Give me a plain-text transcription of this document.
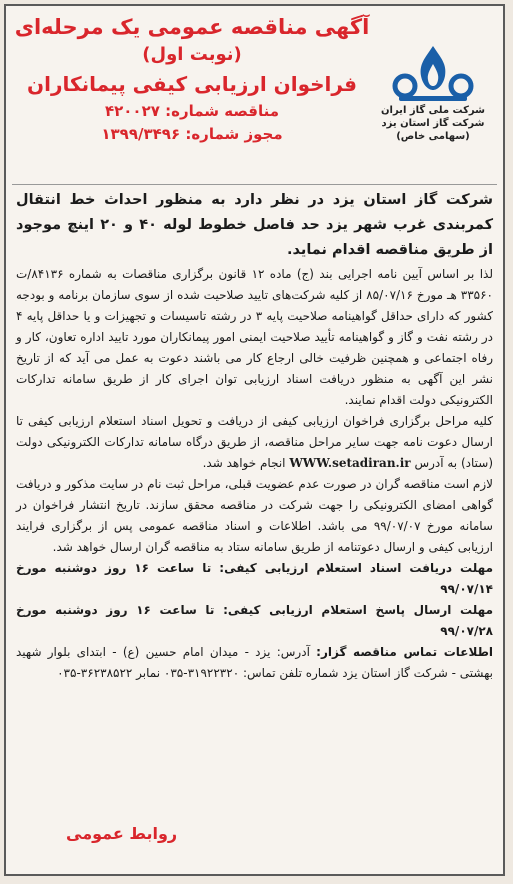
آگهی مناقصه عمومی یک مرحله‌ای
(نوبت اول)
فراخوان ارزیابی کیفی پیمانکاران
مناقصه شماره: ۴۲۰۰۲۷
مجوز شماره: ۱۳۹۹/۳۴۹۶
شرکت ملی گاز ایران
شرکت گاز استان یزد
(سهامی خاص)
شرکت گاز استان یزد در نظر دارد به منظور احداث خط انتقال کمربندی غرب شهر یزد حد فاصل خطوط لوله ۴۰ و ۲۰ اینچ موجود از طریق مناقصه اقدام نماید.

لذا بر اساس آیین نامه اجرایی بند (ج) ماده ۱۲ قانون برگزاری مناقصات به شماره ۸۴۱۳۶/ت ۳۳۵۶۰ هـ مورخ ۸۵/۰۷/۱۶ از کلیه شرکت‌های تایید صلاحیت شده از سوی سازمان برنامه و بودجه کشور که دارای حداقل گواهینامه صلاحیت پایه ۳ در رشته تاسیسات و تجهیزات و یا حداقل پایه ۴ در رشته نفت و گاز و گواهینامه تأیید صلاحیت ایمنی امور پیمانکاران مورد تایید اداره تعاون، کار و رفاه اجتماعی و همچنین ظرفیت خالی ارجاع کار می باشند دعوت به عمل می آید که از تاریخ نشر این آگهی به منظور دریافت اسناد ارزیابی توان اجرای کار از طریق سامانه تدارکات الکترونیکی دولت اقدام نمایند.

کلیه مراحل برگزاری فراخوان ارزیابی کیفی از دریافت و تحویل اسناد استعلام ارزیابی کیفی تا ارسال دعوت نامه جهت سایر مراحل مناقصه، از طریق درگاه سامانه تدارکات الکترونیکی دولت (ستاد) به آدرس WWW.setadiran.ir انجام خواهد شد.

لازم است مناقصه گران در صورت عدم عضویت قبلی، مراحل ثبت نام در سایت مذکور و دریافت گواهی امضای الکترونیکی را جهت شرکت در مناقصه محقق سازند. تاریخ انتشار فراخوان در سامانه مورخ ۹۹/۰۷/۰۷ می باشد. اطلاعات و اسناد مناقصه عمومی پس از برگزاری فرایند ارزیابی کیفی و ارسال دعوتنامه از طریق سامانه ستاد به مناقصه گران ارسال خواهد شد.

مهلت دریافت اسناد استعلام ارزیابی کیفی: تا ساعت ۱۶ روز دوشنبه مورخ ۹۹/۰۷/۱۴

مهلت ارسال پاسخ استعلام ارزیابی کیفی: تا ساعت ۱۶ روز دوشنبه مورخ ۹۹/۰۷/۲۸

اطلاعات تماس مناقصه گزار: آدرس: یزد - میدان امام حسین (ع) - ابتدای بلوار شهید بهشتی - شرکت گاز استان یزد شماره تلفن تماس: ۳۱۹۲۲۳۲۰-۰۳۵ نمابر ۳۶۲۳۸۵۲۲-۰۳۵

روابط عمومی
